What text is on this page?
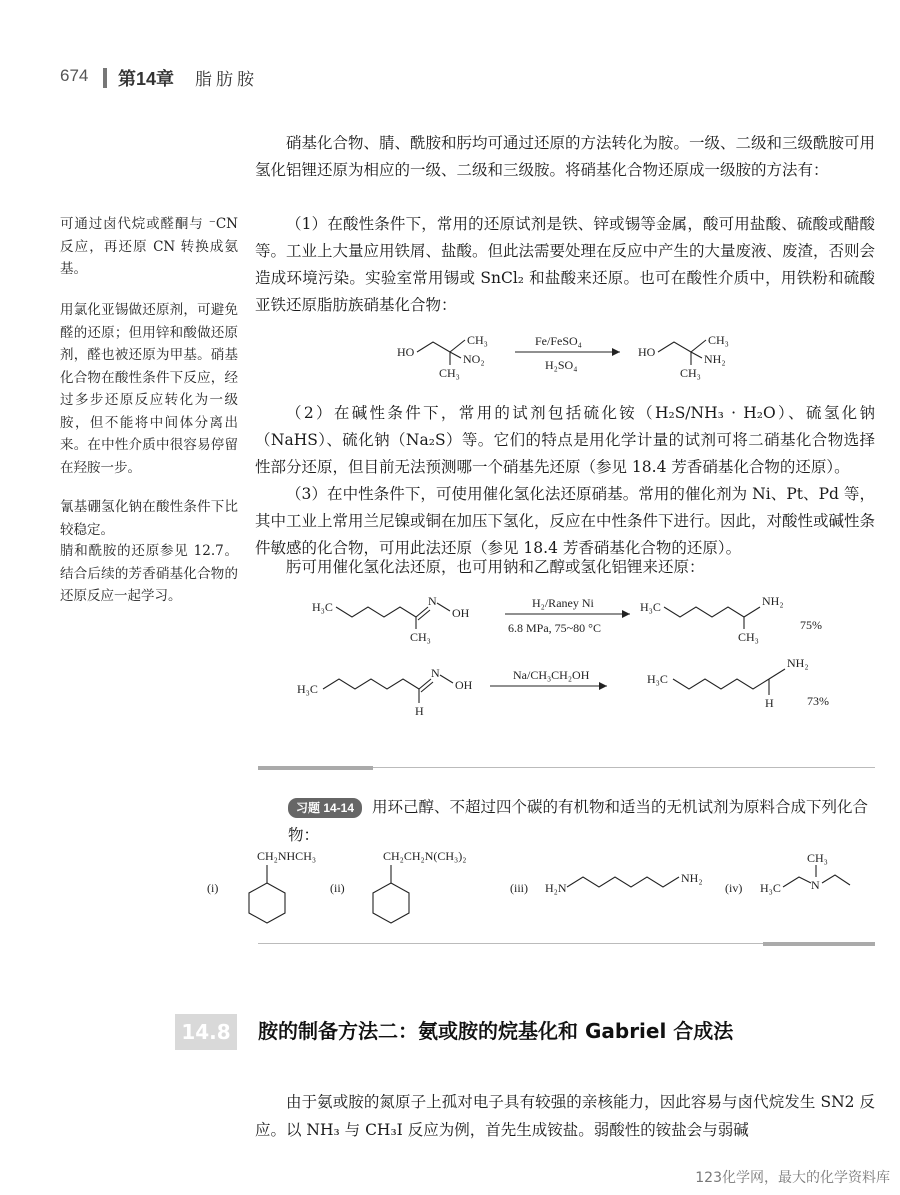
674 第14章 脂肪胺

硝基化合物、腈、酰胺和肟均可通过还原的方法转化为胺。一级、二级和三级酰胺可用氢化铝锂还原为相应的一级、二级和三级胺。将硝基化合物还原成一级胺的方法有：

（1）在酸性条件下，常用的还原试剂是铁、锌或锡等金属，酸可用盐酸、硫酸或醋酸等。工业上大量应用铁屑、盐酸。但此法需要处理在反应中产生的大量废液、废渣，否则会造成环境污染。实验室常用锡或 SnCl₂ 和盐酸来还原。也可在酸性介质中，用铁粉和硫酸亚铁还原脂肪族硝基化合物：

可通过卤代烷或醛酮与 ⁻CN 反应，再还原 CN 转换成氨基。

用氯化亚锡做还原剂，可避免醛的还原；但用锌和酸做还原剂，醛也被还原为甲基。硝基化合物在酸性条件下反应，经过多步还原反应转化为一级胺，但不能将中间体分离出来。在中性介质中很容易停留在羟胺一步。

氰基硼氢化钠在酸性条件下比较稳定。

腈和酰胺的还原参见 12.7。结合后续的芳香硝基化合物的还原反应一起学习。

HO
CH₃
NO₂
CH₃
Fe/FeSO₄
H₂SO₄
HO
CH₃
NH₂
CH₃

（2）在碱性条件下，常用的试剂包括硫化铵（H₂S/NH₃ · H₂O）、硫氢化钠（NaHS）、硫化钠（Na₂S）等。它们的特点是用化学计量的试剂可将二硝基化合物选择性部分还原，但目前无法预测哪一个硝基先还原（参见 18.4 芳香硝基化合物的还原）。

（3）在中性条件下，可使用催化氢化法还原硝基。常用的催化剂为 Ni、Pt、Pd 等，其中工业上常用兰尼镍或铜在加压下氢化，反应在中性条件下进行。因此，对酸性或碱性条件敏感的化合物，可用此法还原（参见 18.4 芳香硝基化合物的还原）。

肟可用催化氢化法还原，也可用钠和乙醇或氢化铝锂来还原：

H₃C
CH₃
N
OH
H₂/Raney Ni
6.8 MPa, 75~80 °C
H₃C
CH₃
NH₂
75%
H₃C
H
N
OH
Na/CH₃CH₂OH	H₃C
H
NH₂
73%
习题 14-14 用环己醇、不超过四个碳的有机物和适当的无机试剂为原料合成下列化合物：
(i)
CH₂NHCH₃
(ii)
CH₂CH₂N(CH₃)₂
(iii) H₂N
NH₂
(iv) H₃C	N
CH₃
14.8	胺的制备方法二：氨或胺的烷基化和 Gabriel 合成法

由于氨或胺的氮原子上孤对电子具有较强的亲核能力，因此容易与卤代烷发生 SN2 反应。以 NH₃ 与 CH₃I 反应为例，首先生成铵盐。弱酸性的铵盐会与弱碱

123化学网，最大的化学资料库
